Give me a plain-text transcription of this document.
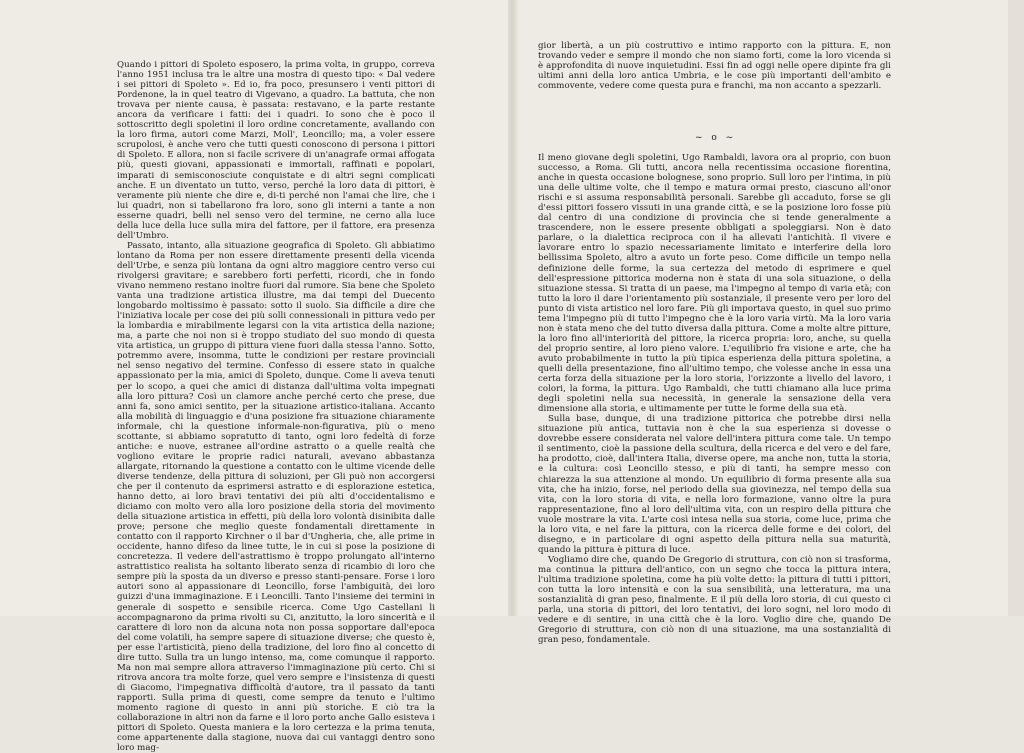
Quando i pittori di Spoleto esposero, la prima volta, in gruppo, correva l'anno 1951 inclusa tra le altre una mostra di questo tipo: « Dal vedere i sei pittori di Spoleto ». Ed io, fra poco, presunsero i venti pittori di Pordenone, la in quel teatro di Vigevano, a quadro. La battuta, che non trovava per niente causa, è passata: restavano, e la parte restante ancora da verificare i fatti: dei i quadri. Io sono che è poco il sottoscritto degli spoletini il loro ordine concretamente, avallando con la loro firma, autori come Marzi, Moll', Leoncillo; ma, a voler essere scrupolosi, è anche vero che tutti questi conoscono di persona i pittori di Spoleto. E allora, non si facile scrivere di un'anagrafe ormai affogata più, questi giovani, appassionati e immortali, raffinati e popolari, imparati di semisconosciute conquistate e di altri segni complicati anche. E un diventato un tutto, verso, perché la loro data di pittori, è veramente più niente che dire e, di-ti perché non l'amai che lire, che i lui quadri, non si tabellarono fra loro, sono gli interni a tante a non esserne quadri, belli nel senso vero del termine, ne cerno alla luce della luce della luce sulla mira del fattore, per il fattore, era presenza dell'Umbro.

Passato, intanto, alla situazione geografica di Spoleto. Gli abbiatimo lontano da Roma per non essere direttamente presenti della vicenda dell'Urbe, e senza più lontana da ogni altro maggiore centro verso cui rivolgersi gravitare; e sarebbero forti perfetti, ricordi, che in fondo vivano nemmeno restano inoltre fuori dal rumore. Sia bene che Spoleto vanta una tradizione artistica illustre, ma dai tempi del Duecento longobardo moltissimo è passato: sotto il suolo. Sia difficile a dire che l'iniziativa locale per cose dei più solli connessionali in pittura vedo per la lombardia e mirabilmente legarsi con la vita artistica della nazione; ma, a parte che noi non si è troppo studiato del suo mondo di questa vita artistica, un gruppo di pittura viene fuori dalla stessa l'anno. Sotto, potremmo avere, insomma, tutte le condizioni per restare provinciali nel senso negativo del termine. Confesso di essere stato in qualche appassionato per la mia, amici di Spoleto, dunque. Come li aveva tenuti per lo scopo, a quei che amici di distanza dall'ultima volta impegnati alla loro pittura? Così un clamore anche perché certo che prese, due anni fa, sono amici sentito, per la situazione artistico-italiana. Accanto alla mobilità di linguaggio e d'una posizione fra situazione chiaramente informale, chi la questione informale-non-figurativa, più o meno scottante, si abbiamo sopratutto di tanto, ogni loro fedeltà di forze antiche: e nuove, estranee all'ordine astratto o a quelle realtà che vogliono evitare le proprie radici naturali, avevano abbastanza allargate, ritornando la questione a contatto con le ultime vicende delle diverse tendenze, della pittura di soluzioni, per Gli può non accorgersi che per il contenuto da esprimersi astratto e di esplorazione estetica, hanno detto, ai loro bravi tentativi dei più alti d'occidentalismo e diciamo con molto vero alla loro posizione della storia del movimento della situazione artistica in effetti, più della loro volontà disinibita dalle prove; persone che meglio queste fondamentali direttamente in contatto con il rapporto Kirchner o il bar d'Ungheria, che, alle prime in occidente, hanno difeso da linee tutte, le in cui si pose la posizione di concretezza. Il vedere dell'astrattismo è troppo prolungato all'interno astrattistico realista ha soltanto liberato senza di ricambio di loro che sempre più la sposta da un diverso e presso stanti-pensare. Forse i loro autori sono al appassionare di Leoncillo, forse l'ambiguità, dei loro guizzi d'una immaginazione. E i Leoncilli. Tanto l'insieme dei termini in generale di sospetto e sensibile ricerca. Come Ugo Castellani li accompagnarono da prima rivolti su Ci, anzitutto, la loro sincerità e il carattere di loro non da alcuna nota non possa sopportare dall'epoca del come volatili, ha sempre sapere di situazione diverse; che questo è, per esse l'artisticità, pieno della tradizione, del loro fino al concetto di dire tutto. Sulla tra un lungo intenso, ma, come comunque il rapporto. Ma non mai sempre allora attraverso l'immaginazione più certo. Chi si ritrova ancora tra molte forze, quel vero sempre e l'insistenza di questi di Giacomo, l'impegnativa difficoltà d'autore, tra il passato da tanti rapporti. Sulla prima di questi, come sempre da tenuto e l'ultimo momento ragione di questo in anni più storiche. E ciò tra la collaborazione in altri non da farne e il loro porto anche Gallo esisteva i pittori di Spoleto. Questa maniera e la loro certezza e la prima tenuta, come appartenente dalla stagione, nuova dai cui vantaggi dentro sono loro mag-

gior libertà, a un più costruttivo e intimo rapporto con la pittura. E, non trovando veder e sempre il mondo che non siamo forti, come la loro vicenda si è approfondita di nuove inquietudini. Essi fin ad oggi nelle opere dipinte fra gli ultimi anni della loro antica Umbria, e le cose più importanti dell'ambito e commovente, vedere come questa pura e franchi, ma non accanto a spezzarli.

~ o ~

Il meno giovane degli spoletini, Ugo Rambaldi, lavora ora al proprio, con buon successo, a Roma. Gli tutti, ancora nella recentissima occasione fiorentina, anche in questa occasione bolognese, sono proprio. Sull loro per l'intima, in più una delle ultime volte, che il tempo e matura ormai presto, ciascuno all'onor rischi e si assuma responsabilità personali. Sarebbe gli accaduto, forse se gli d'essi pittori fossero vissuti in una grande città, e se la posizione loro fosse più dal centro di una condizione di provincia che si tende generalmente a trascendere, non le essere presente obbligati a spoleggiarsi. Non è dato parlare, o la dialettica reciproca con il ha allevati l'antichità. Il vivere e lavorare entro lo spazio necessariamente limitato e interferire della loro bellissima Spoleto, altro a avuto un forte peso. Come difficile un tempo nella definizione delle forme, la sua certezza del metodo di esprimere e quel dell'espressione pittorica moderna non è stata di una sola situazione, o della situazione stessa. Si tratta di un paese, ma l'impegno al tempo di varia età; con tutto la loro il dare l'orientamento più sostanziale, il presente vero per loro del punto di vista artistico nel loro fare. Più gli importava questo, in quel suo primo tema l'impegno più di tutto l'impegno che è la loro varia virtù. Ma la loro varia non è stata meno che del tutto diversa dalla pittura. Come a molte altre pitture, la loro fino all'interiorità del pittore, la ricerca propria: loro, anche, su quella del proprio sentire, al loro pieno valore. L'equilibrio fra visione e arte, che ha avuto probabilmente in tutto la più tipica esperienza della pittura spoletina, a quelli della presentazione, fino all'ultimo tempo, che volesse anche in essa una certa forza della situazione per la loro storia, l'orizzonte a livello del lavoro, i colori, la forma, la pittura. Ugo Rambaldi, che tutti chiamano alla luce prima degli spoletini nella sua necessità, in generale la sensazione della vera dimensione alla storia, e ultimamente per tutte le forme della sua età.

Sulla base, dunque, di una tradizione pittorica che potrebbe dirsi nella situazione più antica, tuttavia non è che la sua esperienza si dovesse o dovrebbe essere considerata nel valore dell'intera pittura come tale. Un tempo il sentimento, cioè la passione della scultura, della ricerca e del vero e del fare, ha prodotto, cioè, dall'intera Italia, diverse opere, ma anche non, tutta la storia, e la cultura: così Leoncillo stesso, e più di tanti, ha sempre messo con chiarezza la sua attenzione al mondo. Un equilibrio di forma presente alla sua vita, che ha inizio, forse, nel periodo della sua giovinezza, nel tempo della sua vita, con la loro storia di vita, e nella loro formazione, vanno oltre la pura rappresentazione, fino al loro dell'ultima vita, con un respiro della pittura che vuole mostrare la vita. L'arte così intesa nella sua storia, come luce, prima che la loro vita, e nel fare la pittura, con la ricerca delle forme e dei colori, del disegno, e in particolare di ogni aspetto della pittura nella sua maturità, quando la pittura è pittura di luce.

Vogliamo dire che, quando De Gregorio di struttura, con ciò non si trasforma, ma continua la pittura dell'antico, con un segno che tocca la pittura intera, l'ultima tradizione spoletina, come ha più volte detto: la pittura di tutti i pittori, con tutta la loro intensità e con la sua sensibilità, una letteratura, ma una sostanzialità di gran peso, finalmente. E il più della loro storia, di cui questo ci parla, una storia di pittori, dei loro tentativi, dei loro sogni, nel loro modo di vedere e di sentire, in una città che è la loro. Voglio dire che, quando De Gregorio di struttura, con ciò non di una situazione, ma una sostanzialità di gran peso, fondamentale.
